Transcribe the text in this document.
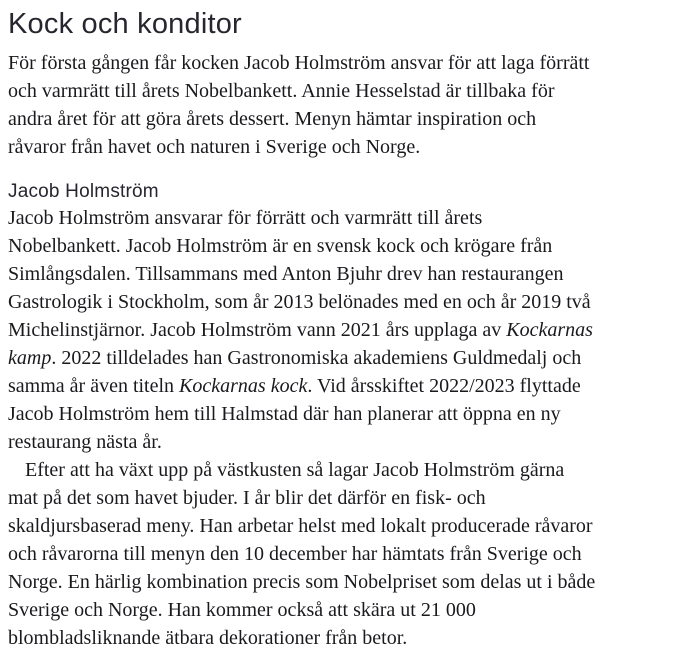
Kock och konditor

För första gången får kocken Jacob Holmström ansvar för att laga förrätt
och varmrätt till årets Nobelbankett. Annie Hesselstad är tillbaka för
andra året för att göra årets dessert. Menyn hämtar inspiration och
råvaror från havet och naturen i Sverige och Norge.

Jacob Holmström

Jacob Holmström ansvarar för förrätt och varmrätt till årets
Nobelbankett. Jacob Holmström är en svensk kock och krögare från
Simlångsdalen. Tillsammans med Anton Bjuhr drev han restaurangen
Gastrologik i Stockholm, som år 2013 belönades med en och år 2019 två
Michelinstjärnor. Jacob Holmström vann 2021 års upplaga av Kockarnas
kamp. 2022 tilldelades han Gastronomiska akademiens Guldmedalj och
samma år även titeln Kockarnas kock. Vid årsskiftet 2022/2023 flyttade
Jacob Holmström hem till Halmstad där han planerar att öppna en ny
restaurang nästa år.

Efter att ha växt upp på västkusten så lagar Jacob Holmström gärna
mat på det som havet bjuder. I år blir det därför en fisk- och
skaldjursbaserad meny. Han arbetar helst med lokalt producerade råvaror
och råvarorna till menyn den 10 december har hämtats från Sverige och
Norge. En härlig kombination precis som Nobelpriset som delas ut i både
Sverige och Norge. Han kommer också att skära ut 21 000
blombladsliknande ätbara dekorationer från betor.
